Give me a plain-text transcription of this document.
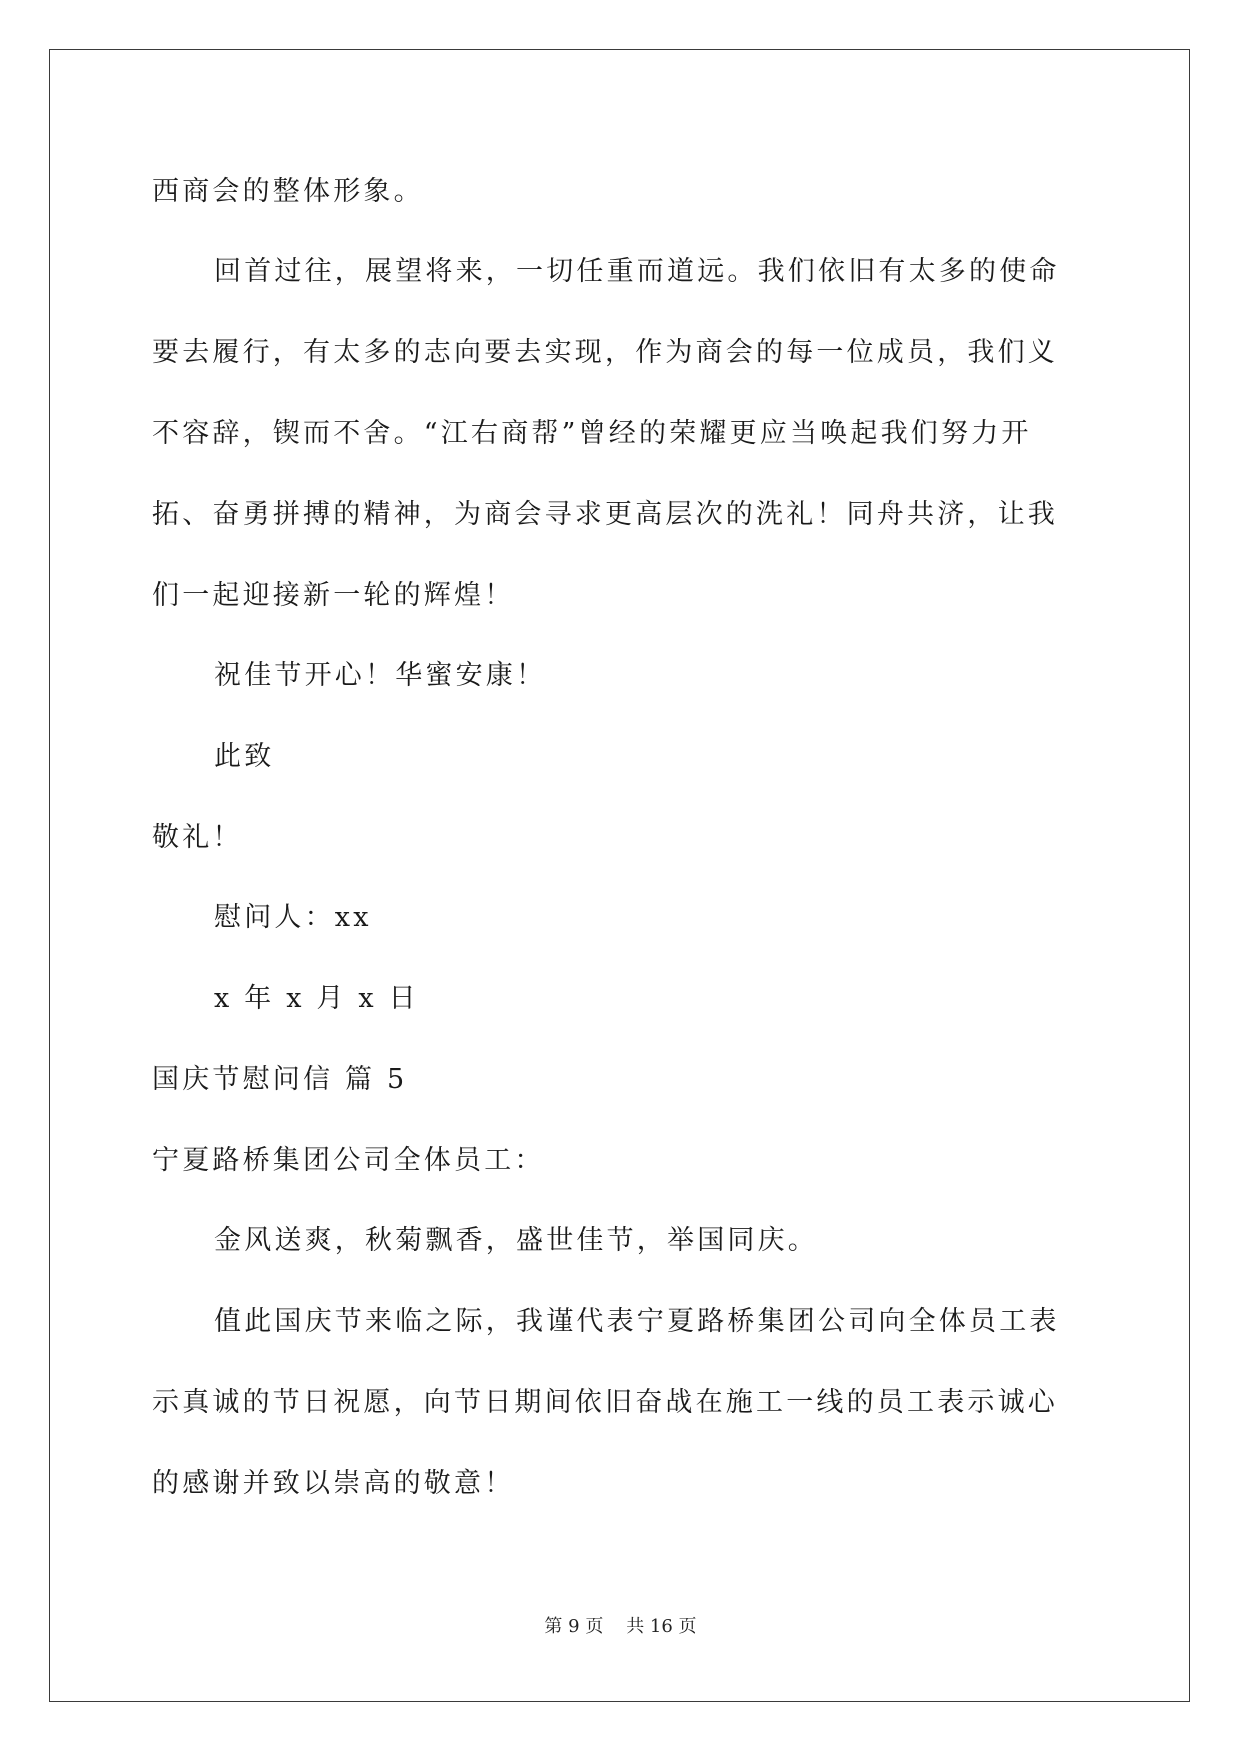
西商会的整体形象。
回首过往，展望将来，一切任重而道远。我们依旧有太多的使命
要去履行，有太多的志向要去实现，作为商会的每一位成员，我们义
不容辞，锲而不舍。“江右商帮”曾经的荣耀更应当唤起我们努力开
拓、奋勇拼搏的精神，为商会寻求更高层次的洗礼！同舟共济，让我
们一起迎接新一轮的辉煌！
祝佳节开心！华蜜安康！
此致
敬礼！
慰问人：xx
x 年 x 月 x 日
国庆节慰问信 篇 5
宁夏路桥集团公司全体员工：
金风送爽，秋菊飘香，盛世佳节，举国同庆。
值此国庆节来临之际，我谨代表宁夏路桥集团公司向全体员工表
示真诚的节日祝愿，向节日期间依旧奋战在施工一线的员工表示诚心
的感谢并致以崇高的敬意！
第 9 页    共 16 页
